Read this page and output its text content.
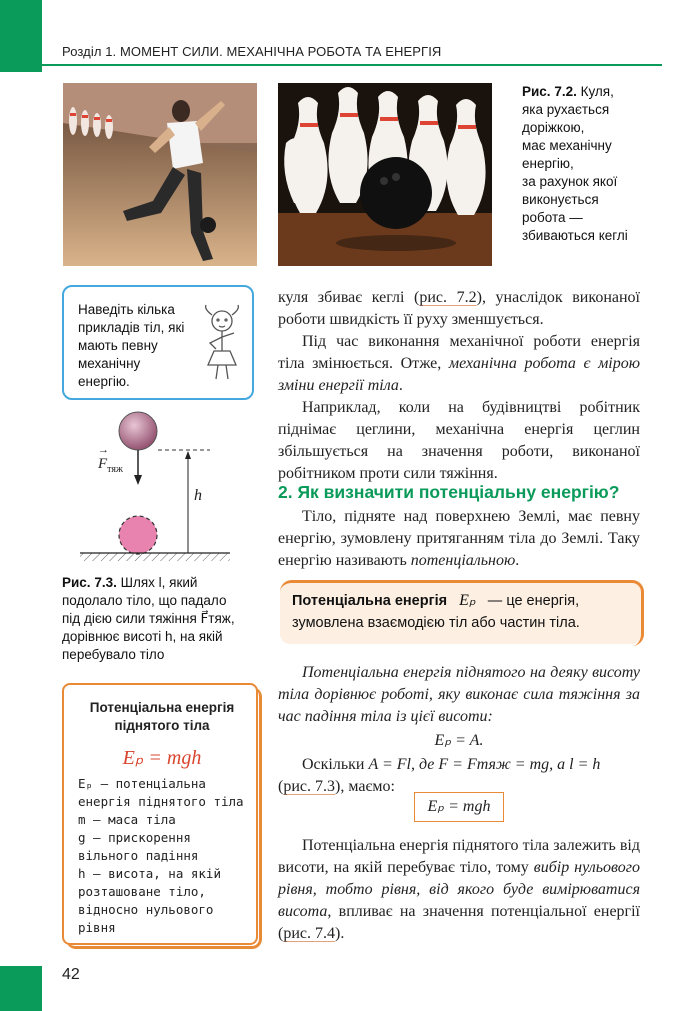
Розділ 1. МОМЕНТ СИЛИ. МЕХАНІЧНА РОБОТА ТА ЕНЕРГІЯ
Рис. 7.2. Куля,
яка рухається
доріжкою,
має механічну
енергію,
за рахунок якої
виконується
робота —
збиваються кеглі
Наведіть кілька прикладів тіл, які мають певну механічну енергію.
→
$F_{тяж}$
h
Рис. 7.3. Шлях l, який
подолало тіло, що падало
під дією сили тяжіння F⃗тяж,
дорівнює висоті h, на якій
перебувало тіло
Потенціальна енергія
піднятого тіла
Eₚ = mgh
Eₚ — потенціальна енергія піднятого тіла
m — маса тіла
g — прискорення вільного падіння
h — висота, на якій розташоване тіло, відносно нульового рівня

куля збиває кеглі (рис. 7.2), унаслідок виконаної роботи швидкість її руху зменшується.

Під час виконання механічної роботи енергія тіла змінюється. Отже, механічна робота є мірою зміни енергії тіла.

Наприклад, коли на будівництві робітник піднімає цеглини, механічна енергія цеглин збільшується на значення роботи, виконаної робітником проти сили тяжіння.

2. Як визначити потенціальну енергію?

Тіло, підняте над поверхнею Землі, має певну енергію, зумовлену притяганням тіла до Землі. Таку енергію називають потенціальною.

Потенціальна енергія Eₚ — це енергія, зумовлена взаємодією тіл або частин тіла.

Потенціальна енергія піднятого на деяку висоту тіла дорівнює роботі, яку виконає сила тяжіння за час падіння тіла із цієї висоти:

Eₚ = A.

Оскільки A = Fl, де F = Fтяж = mg, а l = h
(рис. 7.3), маємо:

Eₚ = mgh

Потенціальна енергія піднятого тіла залежить від висоти, на якій перебуває тіло, тому вибір нульового рівня, тобто рівня, від якого буде вимірюватися висота, впливає на значення потенціальної енергії (рис. 7.4).

42
